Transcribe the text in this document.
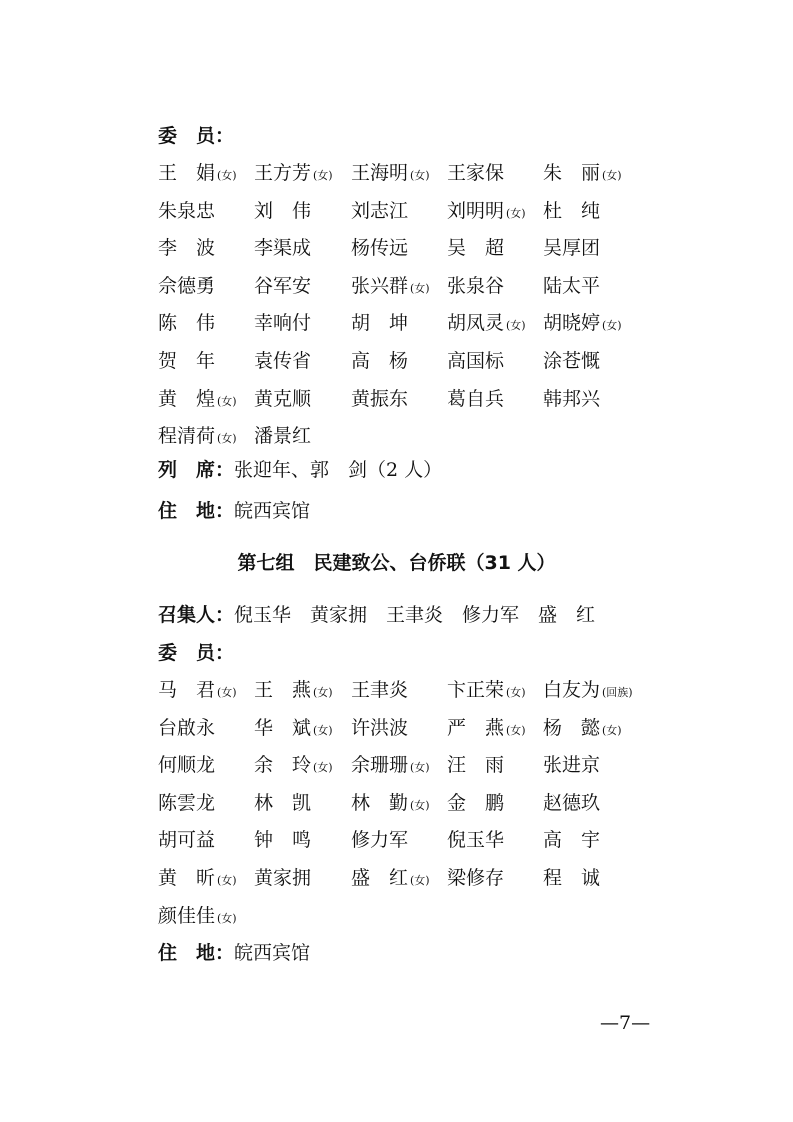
委　员：
王　娟 (女) 王方芳 (女) 王海明 (女) 王家保 朱　丽 (女)
朱泉忠 刘　伟 刘志江 刘明明 (女) 杜　纯
李　波 李渠成 杨传远 吴　超 吴厚团
佘德勇 谷军安 张兴群 (女) 张泉谷 陆太平
陈　伟 幸响付 胡　坤 胡凤灵 (女) 胡晓婷 (女)
贺　年 袁传省 高　杨 高国标 涂苍慨
黄　煌 (女) 黄克顺 黄振东 葛自兵 韩邦兴
程清荷 (女) 潘景红
列　席：张迎年、郭　剑（2 人）
住　地：皖西宾馆
第七组　民建致公、台侨联（31 人）
召集人：倪玉华　黄家拥　王聿炎　修力军　盛　红
委　员：
马　君 (女) 王　燕 (女) 王聿炎 卞正荣 (女) 白友为 (回族)
台啟永 华　斌 (女) 许洪波 严　燕 (女) 杨　懿 (女)
何顺龙 余　玲 (女) 余珊珊 (女) 汪　雨 张进京
陈雲龙 林　凯 林　勤 (女) 金　鹏 赵德玖
胡可益 钟　鸣 修力军 倪玉华 高　宇
黄　昕 (女) 黄家拥 盛　红 (女) 梁修存 程　诚
颜佳佳 (女)
住　地：皖西宾馆
—7—
